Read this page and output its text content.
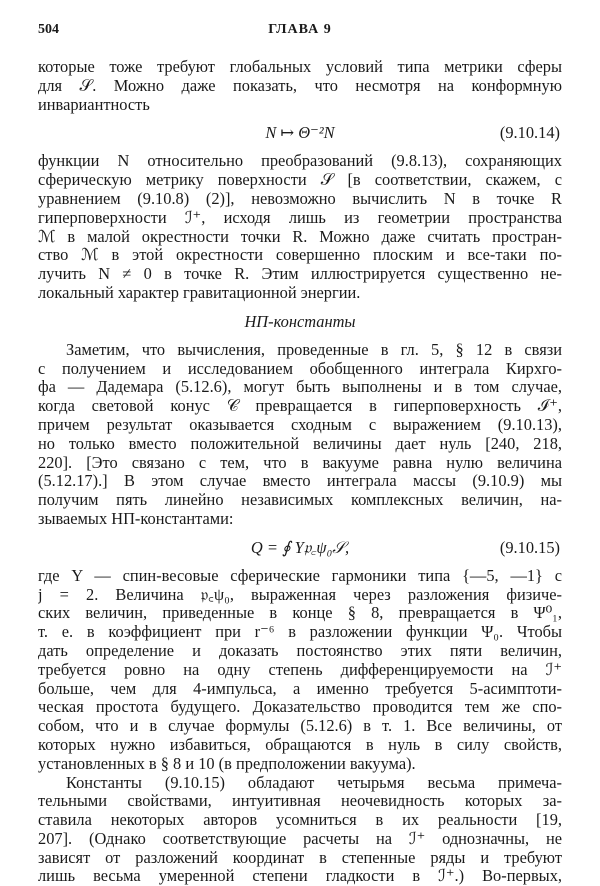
504	ГЛАВА 9
которые тоже требуют глобальных условий типа метрики сферы
для 𝒮. Можно даже показать, что несмотря на конформную
инвариантность
N ↦ Θ⁻²N	(9.10.14)
функции N относительно преобразований (9.8.13), сохраняющих
сферическую метрику поверхности 𝒮 [в соответствии, скажем, с
уравнением (9.10.8) (2)], невозможно вычислить N в точке R
гиперповерхности ℐ⁺, исходя лишь из геометрии пространства
ℳ в малой окрестности точки R. Можно даже считать простран-
ство ℳ в этой окрестности совершенно плоским и все-таки по-
лучить N ≠ 0 в точке R. Этим иллюстрируется существенно не-
локальный характер гравитационной энергии.
НП-константы
Заметим, что вычисления, проведенные в гл. 5, § 12 в связи
с получением и исследованием обобщенного интеграла Кирхго-
фа — Дадемара (5.12.6), могут быть выполнены и в том случае,
когда световой конус 𝒞 превращается в гиперповерхность ℐ⁺,
причем результат оказывается сходным с выражением (9.10.13),
но только вместо положительной величины дает нуль [240, 218,
220]. [Это связано с тем, что в вакууме равна нулю величина
(5.12.17).] В этом случае вместо интеграла массы (9.10.9) мы
получим пять линейно независимых комплексных величин, на-
зываемых НП-константами:
Q = ∮ Y𝔭꜀ψ₀𝒮,	(9.10.15)
где Y — спин-весовые сферические гармоники типа {—5, —1} с
j = 2. Величина 𝔭꜀ψ₀, выраженная через разложения физиче-
ских величин, приведенные в конце § 8, превращается в Ψ⁰₁,
т. е. в коэффициент при r⁻⁶ в разложении функции Ψ₀. Чтобы
дать определение и доказать постоянство этих пяти величин,
требуется ровно на одну степень дифференцируемости на ℐ⁺
больше, чем для 4-импульса, а именно требуется 5-асимптоти-
ческая простота будущего. Доказательство проводится тем же спо-
собом, что и в случае формулы (5.12.6) в т. 1. Все величины, от
которых нужно избавиться, обращаются в нуль в силу свойств,
установленных в § 8 и 10 (в предположении вакуума).
Константы (9.10.15) обладают четырьмя весьма примеча-
тельными свойствами, интуитивная неочевидность которых за-
ставила некоторых авторов усомниться в их реальности [19,
207]. (Однако соответствующие расчеты на ℐ⁺ однозначны, не
зависят от разложений координат в степенные ряды и требуют
лишь весьма умеренной степени гладкости в ℐ⁺.) Во-первых,
